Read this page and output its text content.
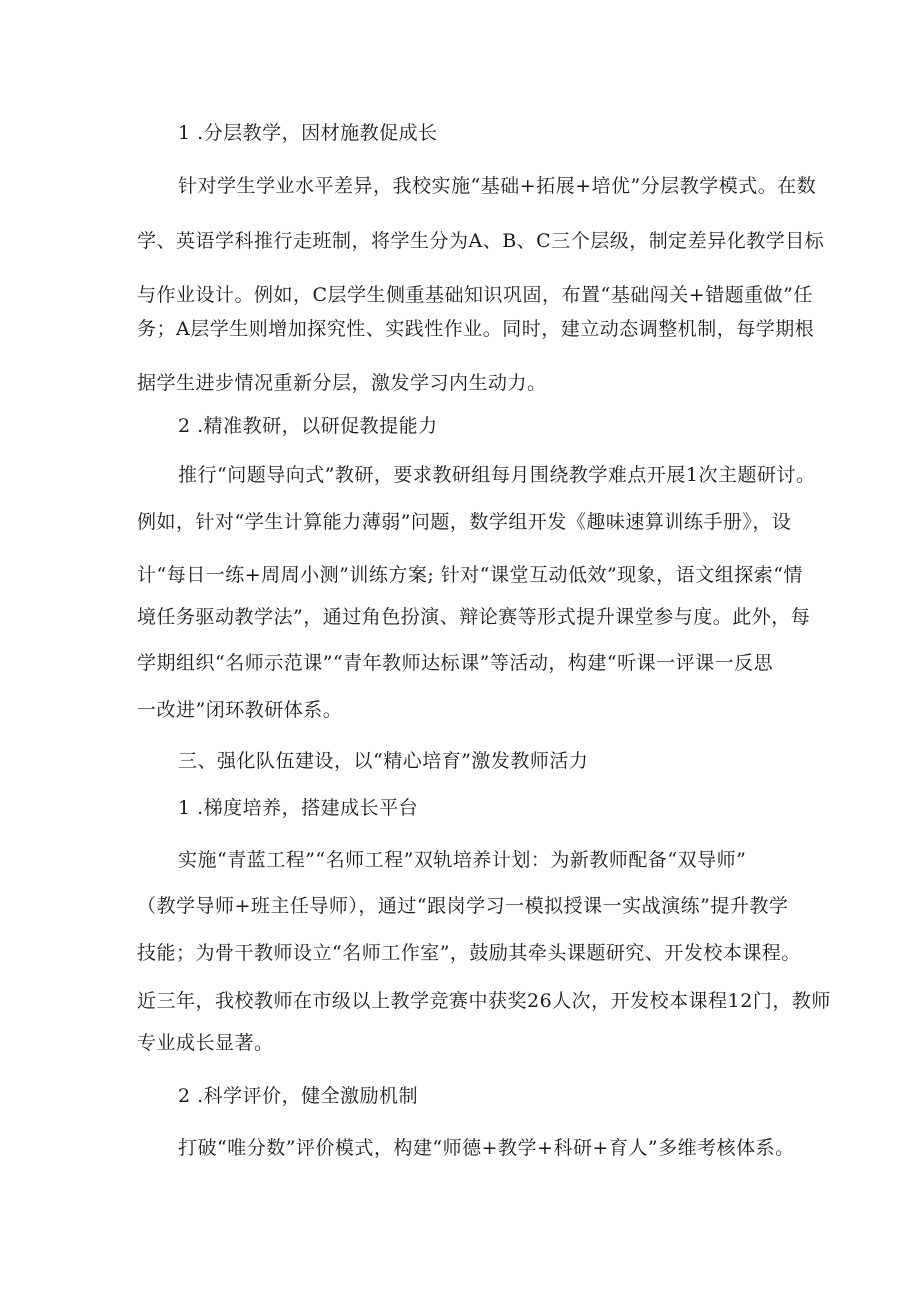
1 .分层教学，因材施教促成长
针对学生学业水平差异，我校实施“基础+拓展+培优”分层教学模式。在数
学、英语学科推行走班制，将学生分为A、B、C三个层级，制定差异化教学目标
与作业设计。例如，C层学生侧重基础知识巩固，布置“基础闯关+错题重做”任
务；A层学生则增加探究性、实践性作业。同时，建立动态调整机制，每学期根
据学生进步情况重新分层，激发学习内生动力。
2 .精准教研，以研促教提能力
推行“问题导向式”教研，要求教研组每月围绕教学难点开展1次主题研讨。
例如，针对“学生计算能力薄弱”问题，数学组开发《趣味速算训练手册》，设
计“每日一练+周周小测”训练方案; 针对“课堂互动低效”现象，语文组探索“情
境任务驱动教学法”，通过角色扮演、辩论赛等形式提升课堂参与度。此外，每
学期组织“名师示范课”“青年教师达标课”等活动，构建“听课一评课一反思
一改进”闭环教研体系。
三、强化队伍建设，以“精心培育”激发教师活力
1 .梯度培养，搭建成长平台
实施“青蓝工程”“名师工程”双轨培养计划：为新教师配备“双导师”
（教学导师+班主任导师），通过“跟岗学习一模拟授课一实战演练”提升教学
技能；为骨干教师设立“名师工作室”，鼓励其牵头课题研究、开发校本课程。
近三年，我校教师在市级以上教学竞赛中获奖26人次，开发校本课程12门，教师
专业成长显著。
2 .科学评价，健全激励机制
打破“唯分数”评价模式，构建“师德+教学+科研+育人”多维考核体系。
